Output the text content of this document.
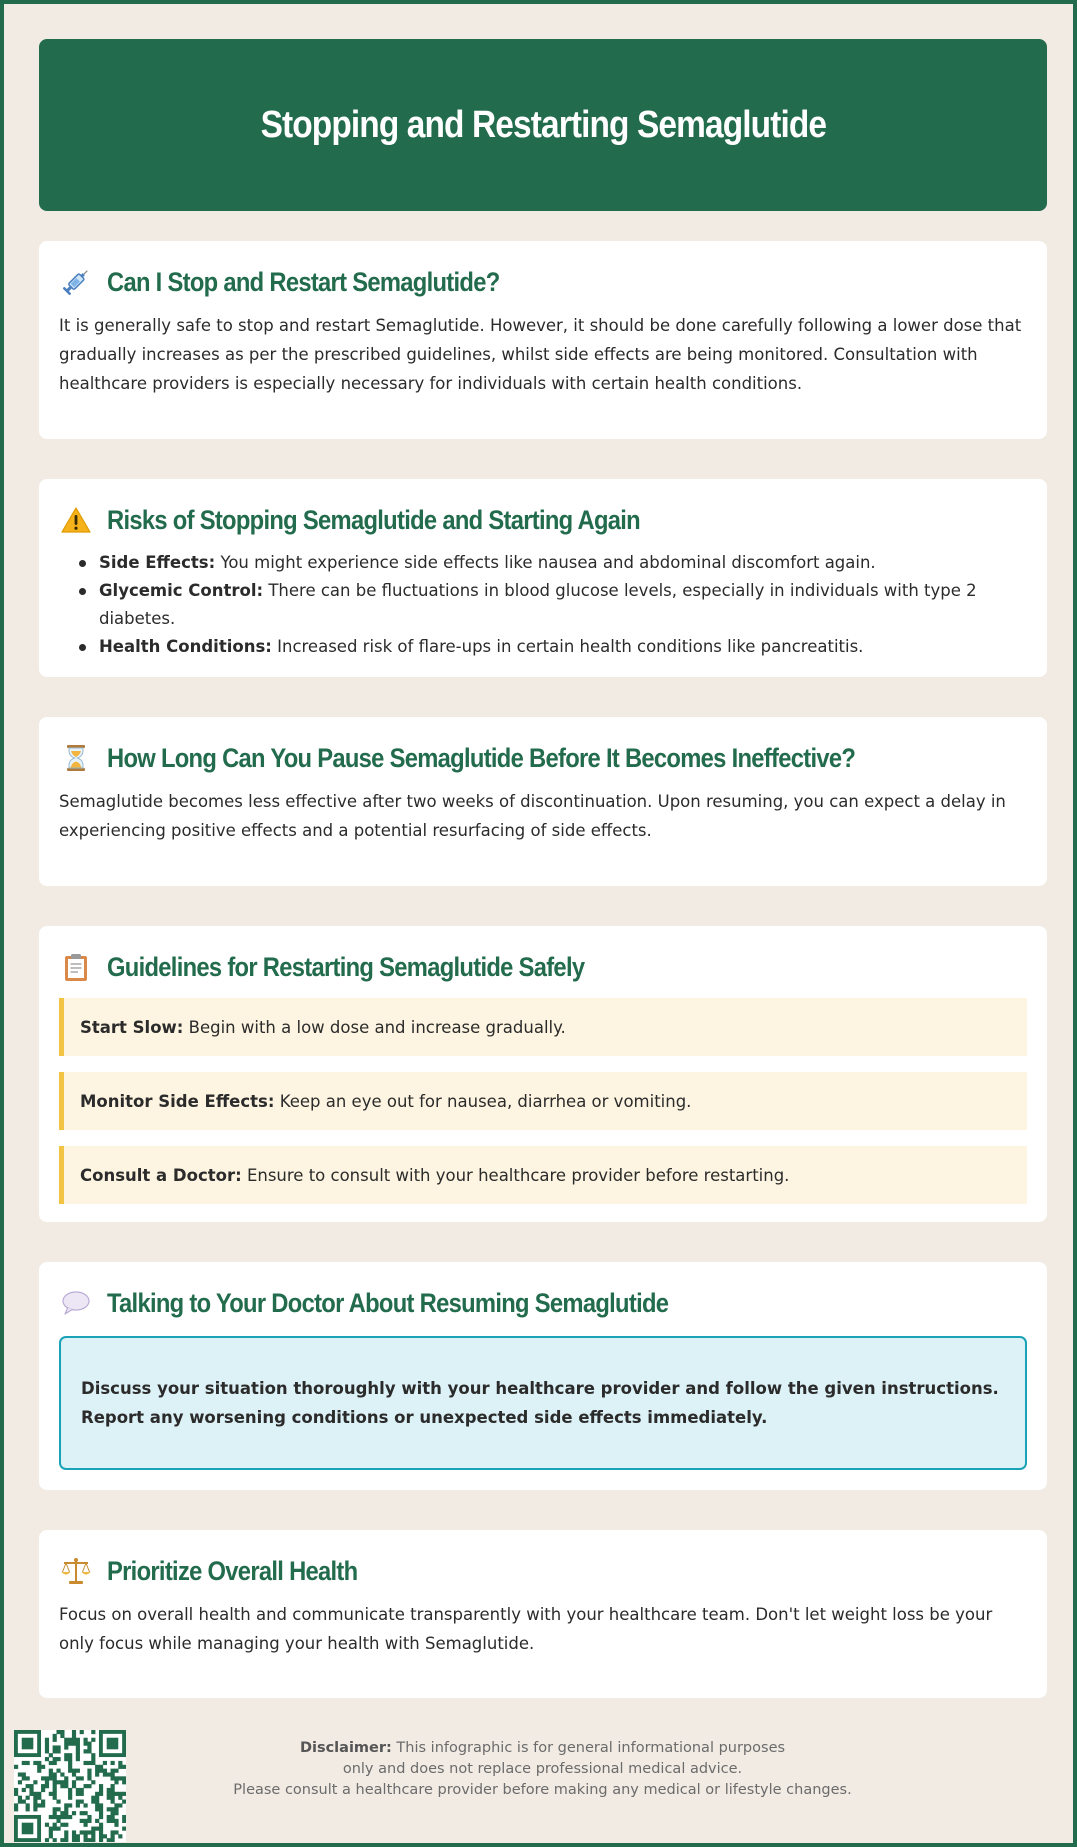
Stopping and Restarting Semaglutide
Can I Stop and Restart Semaglutide?

It is generally safe to stop and restart Semaglutide. However, it should be done carefully following a lower dose that gradually increases as per the prescribed guidelines, whilst side effects are being monitored. Consultation with healthcare providers is especially necessary for individuals with certain health conditions.

Risks of Stopping Semaglutide and Starting Again
Side Effects: You might experience side effects like nausea and abdominal discomfort again.
Glycemic Control: There can be fluctuations in blood glucose levels, especially in individuals with type 2 diabetes.
Health Conditions: Increased risk of flare-ups in certain health conditions like pancreatitis.
How Long Can You Pause Semaglutide Before It Becomes Ineffective?

Semaglutide becomes less effective after two weeks of discontinuation. Upon resuming, you can expect a delay in experiencing positive effects and a potential resurfacing of side effects.

Guidelines for Restarting Semaglutide Safely
Start Slow: Begin with a low dose and increase gradually.
Monitor Side Effects: Keep an eye out for nausea, diarrhea or vomiting.
Consult a Doctor: Ensure to consult with your healthcare provider before restarting.
Talking to Your Doctor About Resuming Semaglutide
Discuss your situation thoroughly with your healthcare provider and follow the given instructions. Report any worsening conditions or unexpected side effects immediately.
Prioritize Overall Health

Focus on overall health and communicate transparently with your healthcare team. Don't let weight loss be your only focus while managing your health with Semaglutide.

Disclaimer: This infographic is for general informational purposes
only and does not replace professional medical advice.
Please consult a healthcare provider before making any medical or lifestyle changes.
